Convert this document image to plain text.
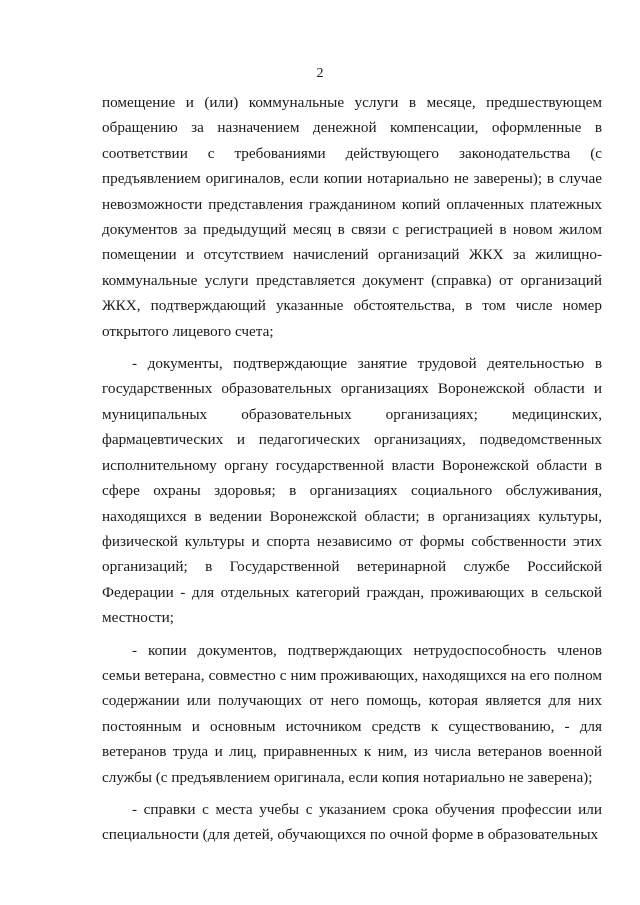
2

помещение и (или) коммунальные услуги в месяце, предшествующем обращению за назначением денежной компенсации, оформленные в соответствии с требованиями действующего законодательства (с предъявлением оригиналов, если копии нотариально не заверены); в случае невозможности представления гражданином копий оплаченных платежных документов за предыдущий месяц в связи с регистрацией в новом жилом помещении и отсутствием начислений организаций ЖКХ за жилищно-коммунальные услуги представляется документ (справка) от организаций ЖКХ, подтверждающий указанные обстоятельства, в том числе номер открытого лицевого счета;

- документы, подтверждающие занятие трудовой деятельностью в государственных образовательных организациях Воронежской области и муниципальных образовательных организациях; медицинских, фармацевтических и педагогических организациях, подведомственных исполнительному органу государственной власти Воронежской области в сфере охраны здоровья; в организациях социального обслуживания, находящихся в ведении Воронежской области; в организациях культуры, физической культуры и спорта независимо от формы собственности этих организаций; в Государственной ветеринарной службе Российской Федерации - для отдельных категорий граждан, проживающих в сельской местности;

- копии документов, подтверждающих нетрудоспособность членов семьи ветерана, совместно с ним проживающих, находящихся на его полном содержании или получающих от него помощь, которая является для них постоянным и основным источником средств к существованию, - для ветеранов труда и лиц, приравненных к ним, из числа ветеранов военной службы (с предъявлением оригинала, если копия нотариально не заверена);

- справки с места учебы с указанием срока обучения профессии или специальности (для детей, обучающихся по очной форме в образовательных
